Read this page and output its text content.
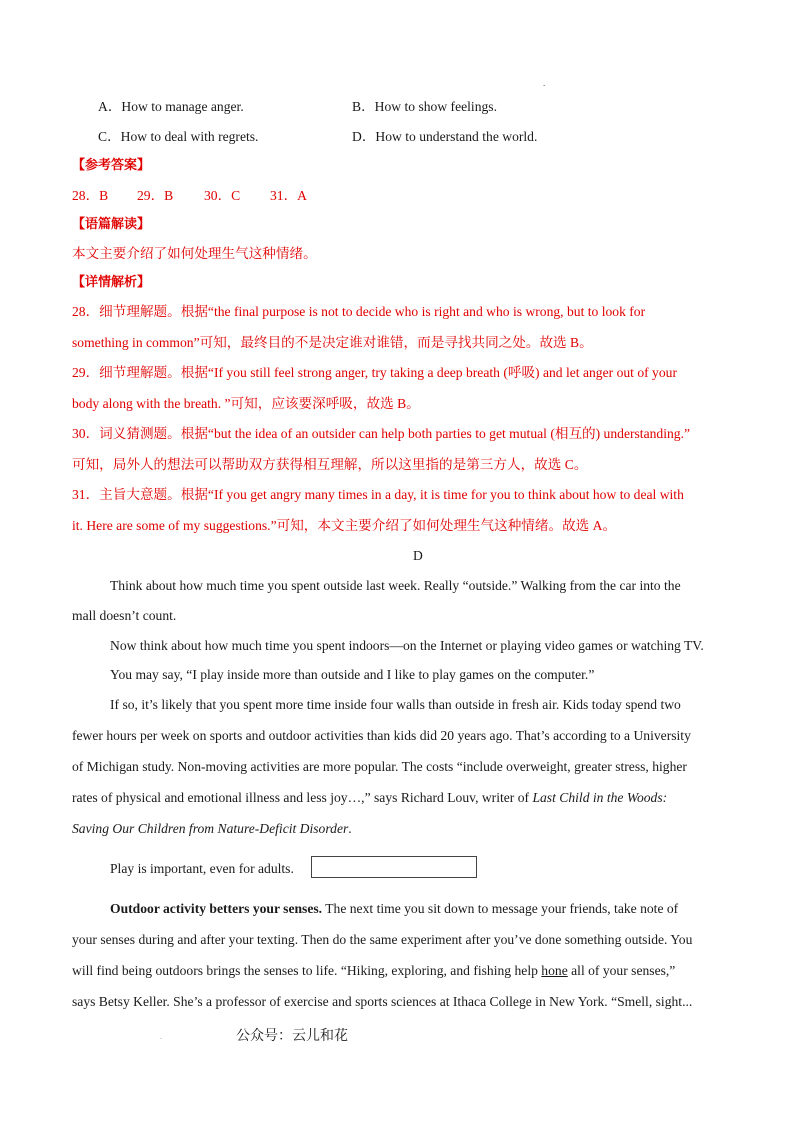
.
A．How to manage anger.	B．How to show feelings.
C．How to deal with regrets.	D．How to understand the world.
【参考答案】
28．B 29．B 30．C 31．A
【语篇解读】
本文主要介绍了如何处理生气这种情绪。
【详情解析】
28．细节理解题。根据“the final purpose is not to decide who is right and who is wrong, but to look for
something in common”可知，最终目的不是决定谁对谁错，而是寻找共同之处。故选 B。
29．细节理解题。根据“If you still feel strong anger, try taking a deep breath (呼吸) and let anger out of your
body along with the breath. ”可知，应该要深呼吸，故选 B。
30．词义猜测题。根据“but the idea of an outsider can help both parties to get mutual (相互的) understanding.”
可知，局外人的想法可以帮助双方获得相互理解，所以这里指的是第三方人，故选 C。
31．主旨大意题。根据“If you get angry many times in a day, it is time for you to think about how to deal with
it. Here are some of my suggestions.”可知，本文主要介绍了如何处理生气这种情绪。故选 A。
D
Think about how much time you spent outside last week. Really “outside.” Walking from the car into the
mall doesn’t count.
Now think about how much time you spent indoors—on the Internet or playing video games or watching TV.
You may say, “I play inside more than outside and I like to play games on the computer.”
If so, it’s likely that you spent more time inside four walls than outside in fresh air. Kids today spend two
fewer hours per week on sports and outdoor activities than kids did 20 years ago. That’s according to a University
of Michigan study. Non-moving activities are more popular. The costs “include overweight, greater stress, higher
rates of physical and emotional illness and less joy…,” says Richard Louv, writer of Last Child in the Woods:
Saving Our Children from Nature-Deficit Disorder.
Play is important, even for adults.
Outdoor activity betters your senses. The next time you sit down to message your friends, take note of
your senses during and after your texting. Then do the same experiment after you’ve done something outside. You
will find being outdoors brings the senses to life. “Hiking, exploring, and fishing help hone all of your senses,”
says Betsy Keller. She’s a professor of exercise and sports sciences at Ithaca College in New York. “Smell, sight...
.	公众号：云儿和花
